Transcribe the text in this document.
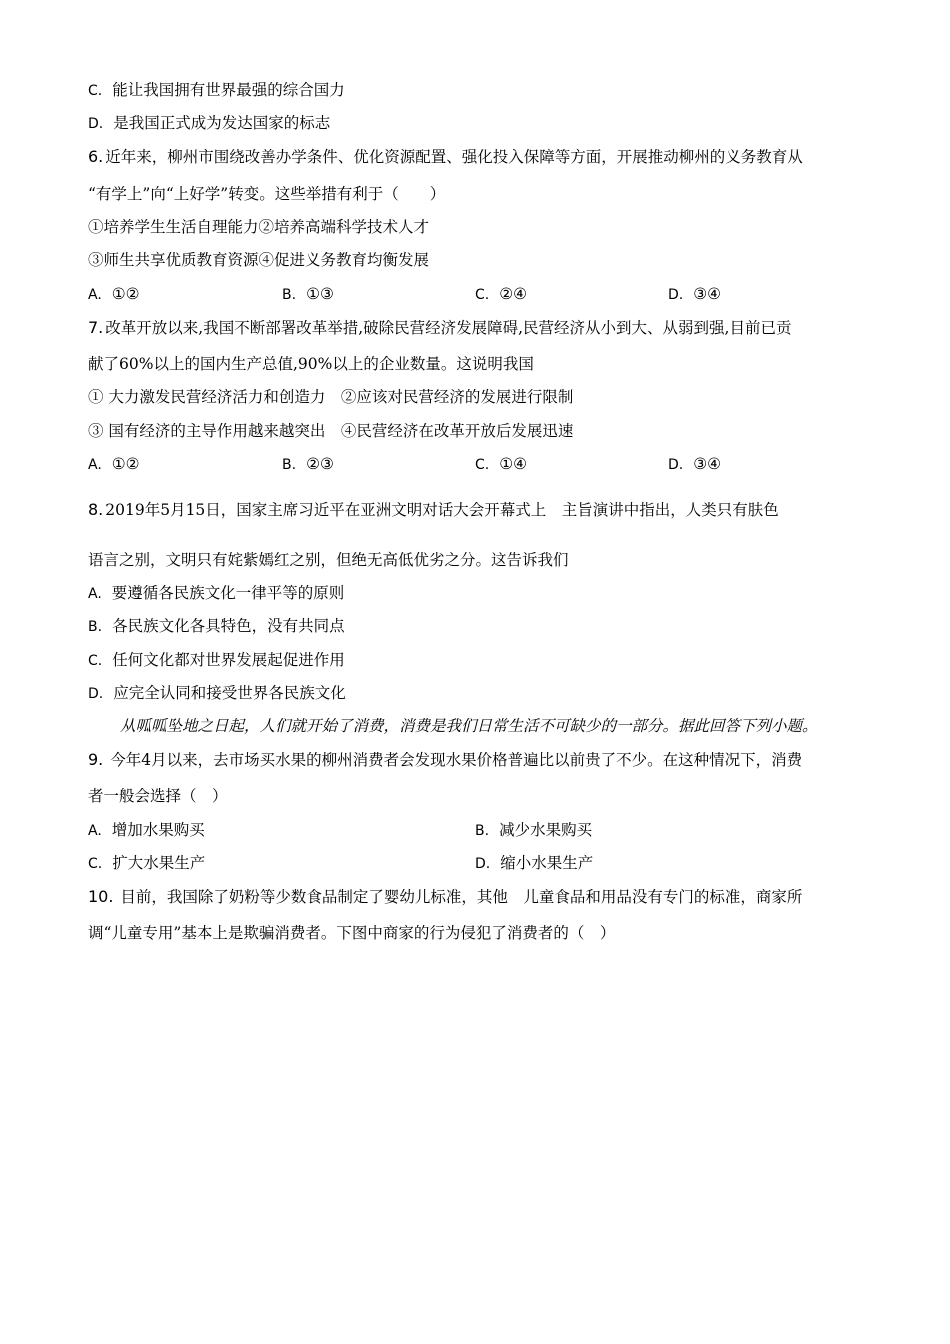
C. 能让我国拥有世界最强的综合国力
D. 是我国正式成为发达国家的标志
6. 近年来，柳州市围绕改善办学条件、优化资源配置、强化投入保障等方面，开展推动柳州的义务教育从
“有学上”向“上好学”转变。这些举措有利于（　　）
①培养学生生活自理能力②培养高端科学技术人才
③师生共享优质教育资源④促进义务教育均衡发展
A. ①②	B. ①③	C. ②④	D. ③④
7. 改革开放以来,我国不断部署改革举措,破除民营经济发展障碍,民营经济从小到大、从弱到强,目前已贡
献了60%以上的国内生产总值,90%以上的企业数量。这说明我国
① 大力激发民营经济活力和创造力　②应该对民营经济的发展进行限制
③ 国有经济的主导作用越来越突出　④民营经济在改革开放后发展迅速
A. ①②	B. ②③	C. ①④	D. ③④
8. 2019年5月15日，国家主席习近平在亚洲文明对话大会开幕式上　主旨演讲中指出，人类只有肤色
语言之别，文明只有姹紫嫣红之别，但绝无高低优劣之分。这告诉我们
A. 要遵循各民族文化一律平等的原则
B. 各民族文化各具特色，没有共同点
C. 任何文化都对世界发展起促进作用
D. 应完全认同和接受世界各民族文化
从呱呱坠地之日起，人们就开始了消费，消费是我们日常生活不可缺少的一部分。据此回答下列小题。
9. 今年4月以来，去市场买水果的柳州消费者会发现水果价格普遍比以前贵了不少。在这种情况下，消费
者一般会选择（　）
A. 增加水果购买	B. 减少水果购买
C. 扩大水果生产	D. 缩小水果生产
10. 目前，我国除了奶粉等少数食品制定了婴幼儿标准，其他　儿童食品和用品没有专门的标准，商家所
调“儿童专用”基本上是欺骗消费者。下图中商家的行为侵犯了消费者的（　）
